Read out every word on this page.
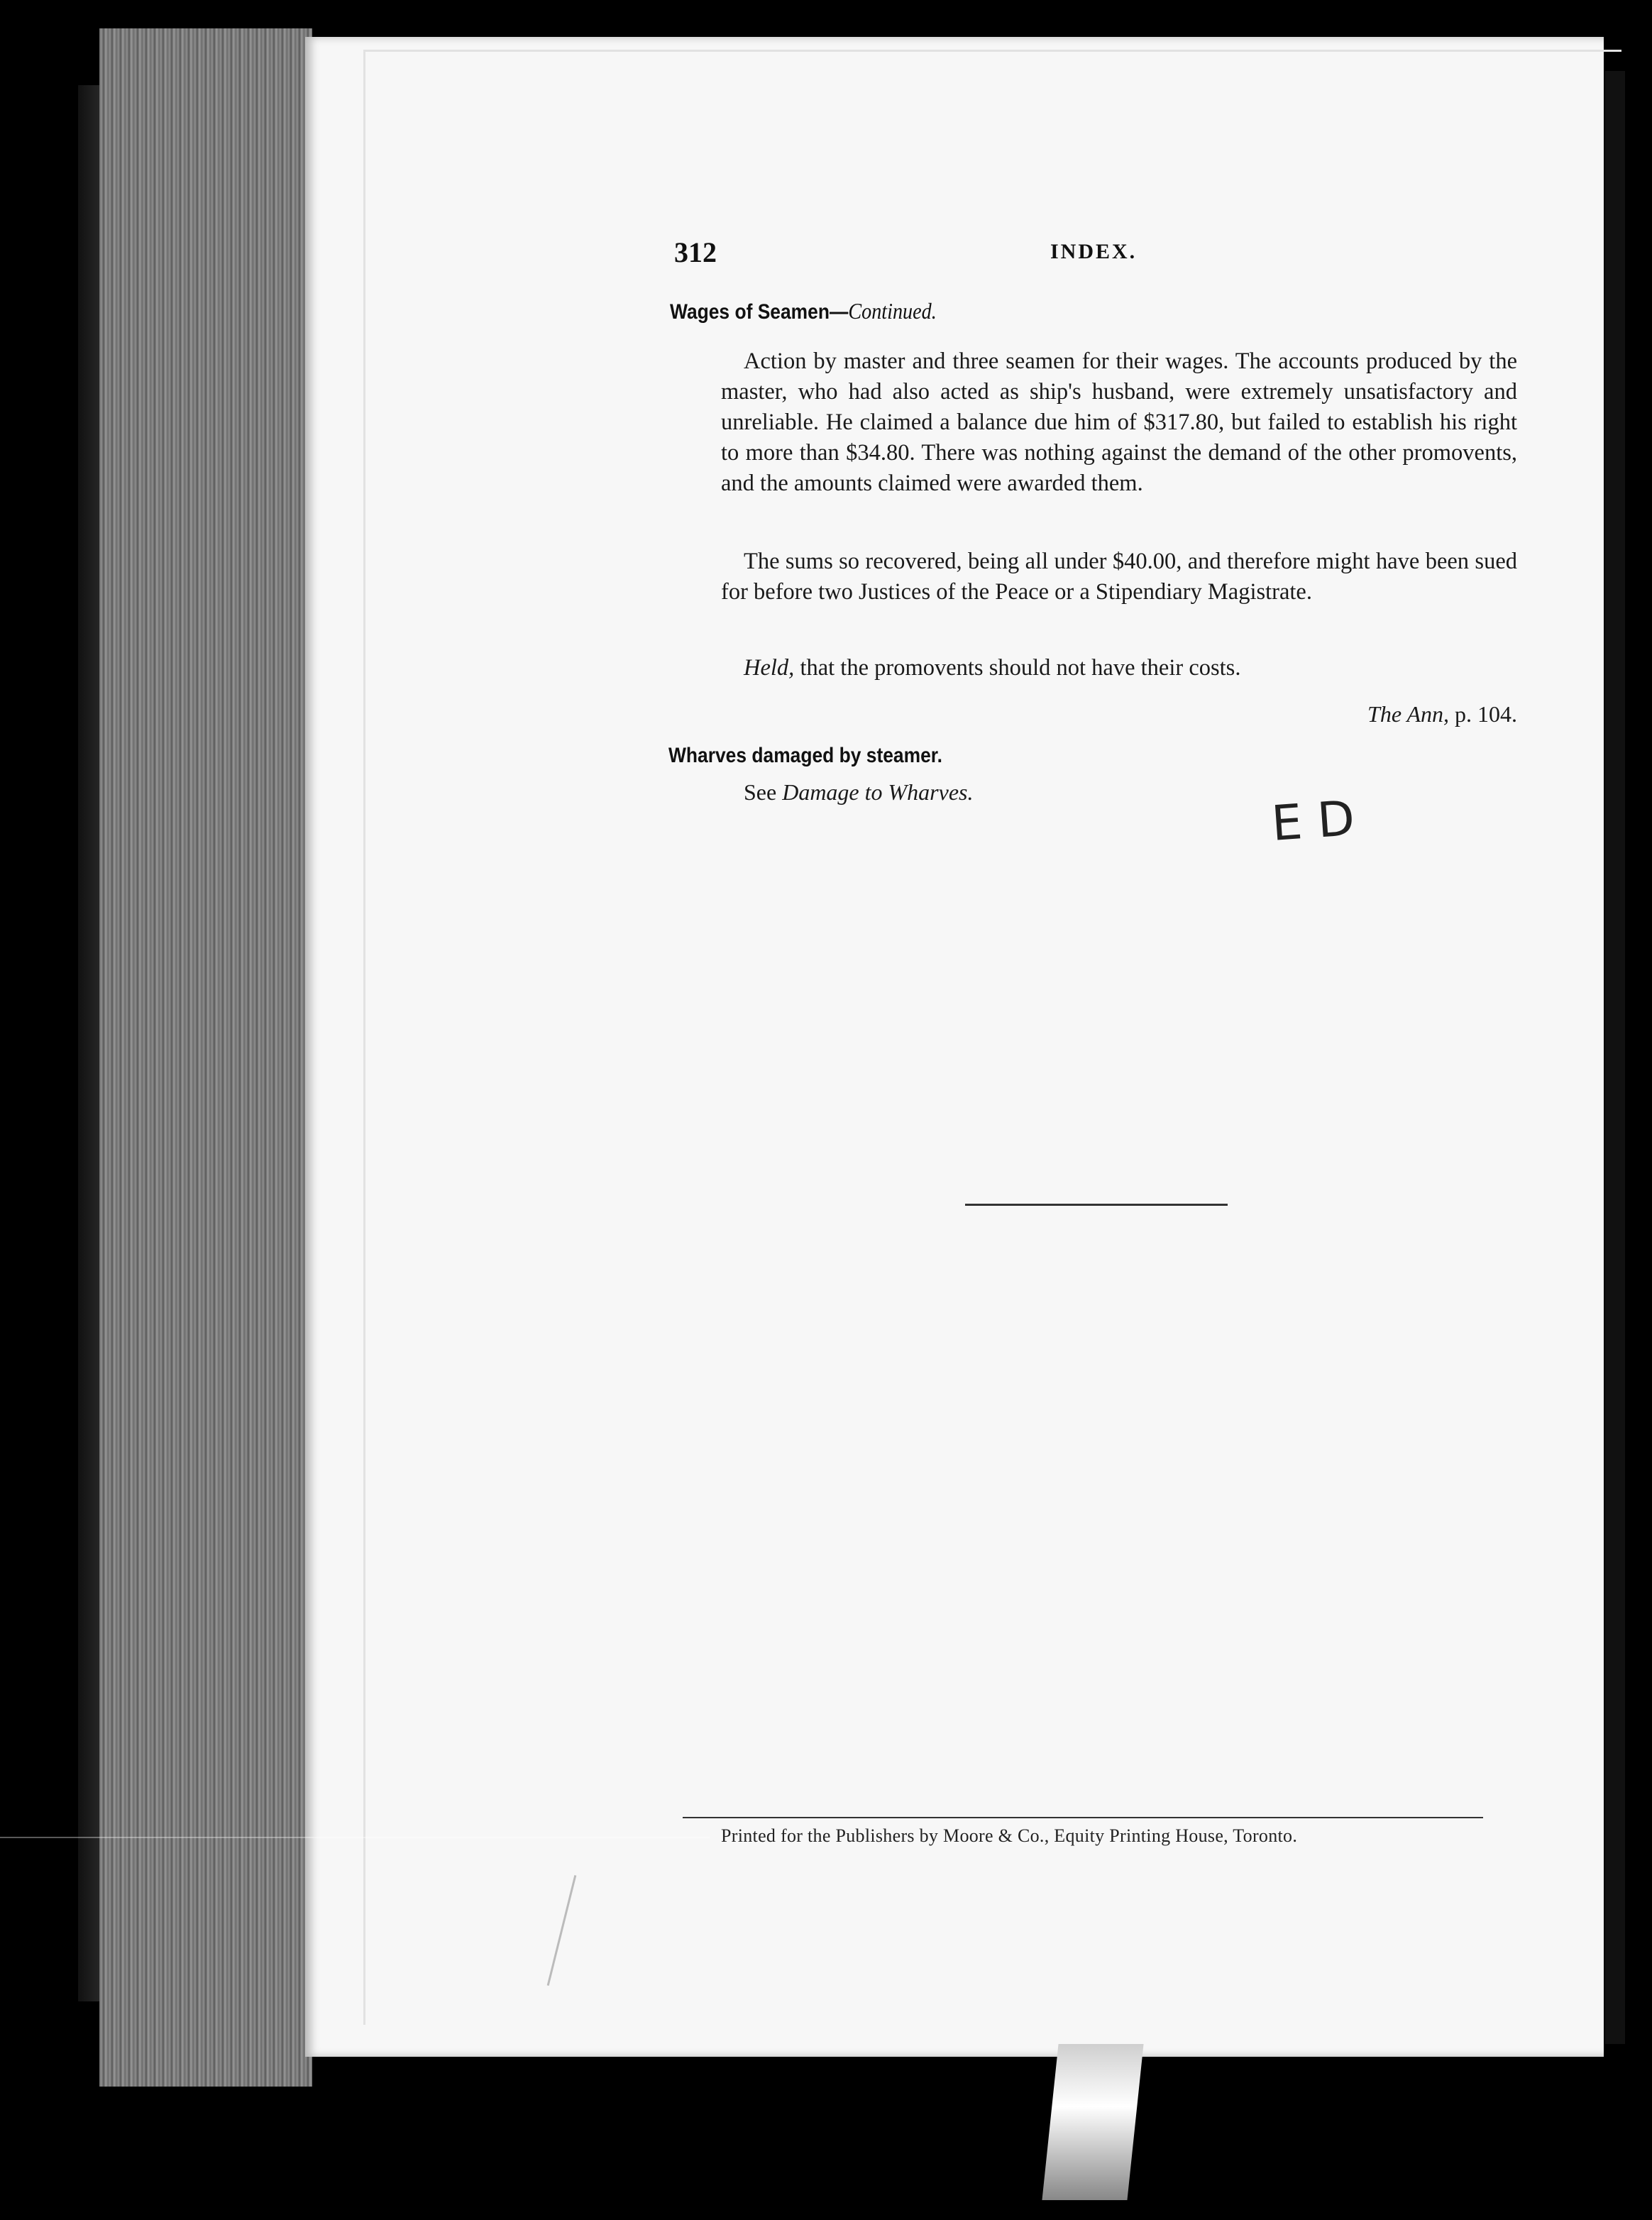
312	INDEX.
Wages of Seamen—Continued.

Action by master and three seamen for their wages. The accounts produced by the master, who had also acted as ship's husband, were extremely unsatisfactory and unreliable. He claimed a balance due him of $317.80, but failed to establish his right to more than $34.80. There was nothing against the demand of the other promovents, and the amounts claimed were awarded them.

The sums so recovered, being all under $40.00, and therefore might have been sued for before two Justices of the Peace or a Stipendiary Magistrate.

Held, that the promovents should not have their costs.

The Ann, p. 104.
Wharves damaged by steamer.
See Damage to Wharves.	E D
Printed for the Publishers by Moore & Co., Equity Printing House, Toronto.
